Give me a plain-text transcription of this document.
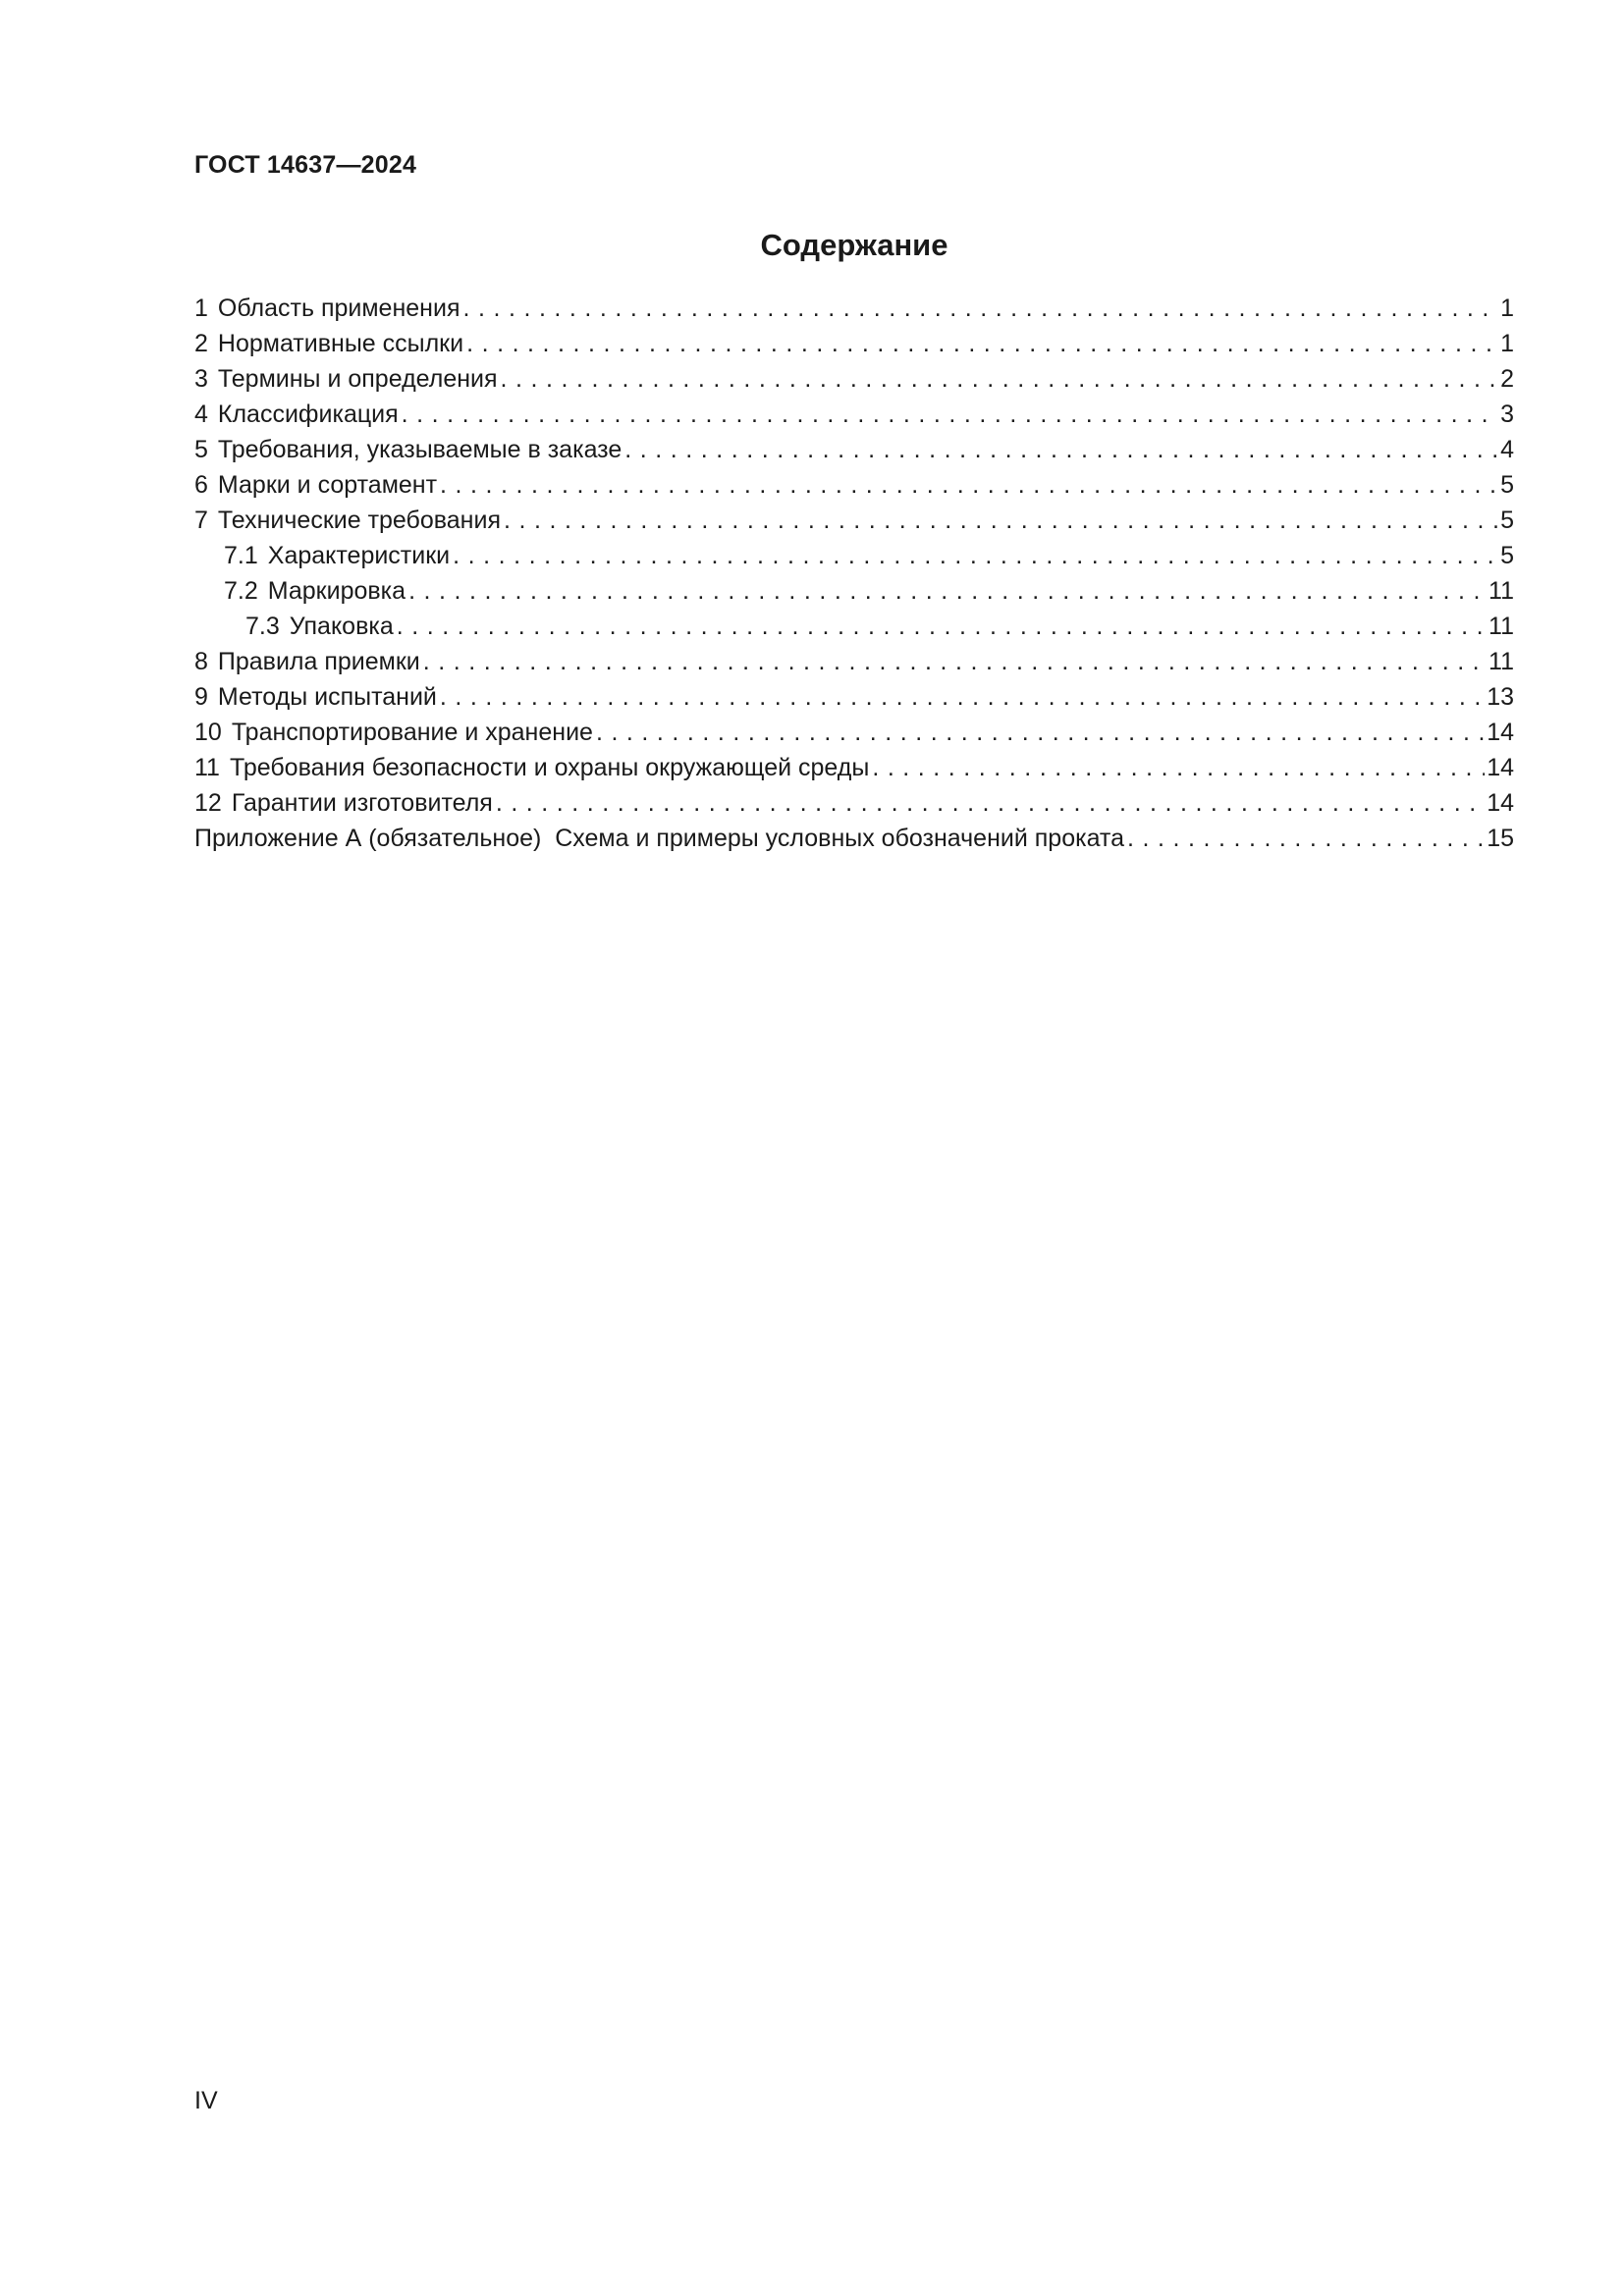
ГОСТ 14637—2024
Содержание
1 Область применения . . .	1
2 Нормативные ссылки . . .	1
3 Термины и определения . . .	2
4 Классификация . . .	3
5 Требования, указываемые в заказе . . .	4
6 Марки и сортамент . . .	5
7 Технические требования . . .	5
7.1 Характеристики . . .	5
7.2 Маркировка . . .	11
7.3 Упаковка . . .	11
8 Правила приемки . . .	11
9 Методы испытаний . . .	13
10 Транспортирование и хранение . . .	14
11 Требования безопасности и охраны окружающей среды . . .	14
12 Гарантии изготовителя . . .	14
Приложение А (обязательное)  Схема и примеры условных обозначений проката . . .	15
IV
